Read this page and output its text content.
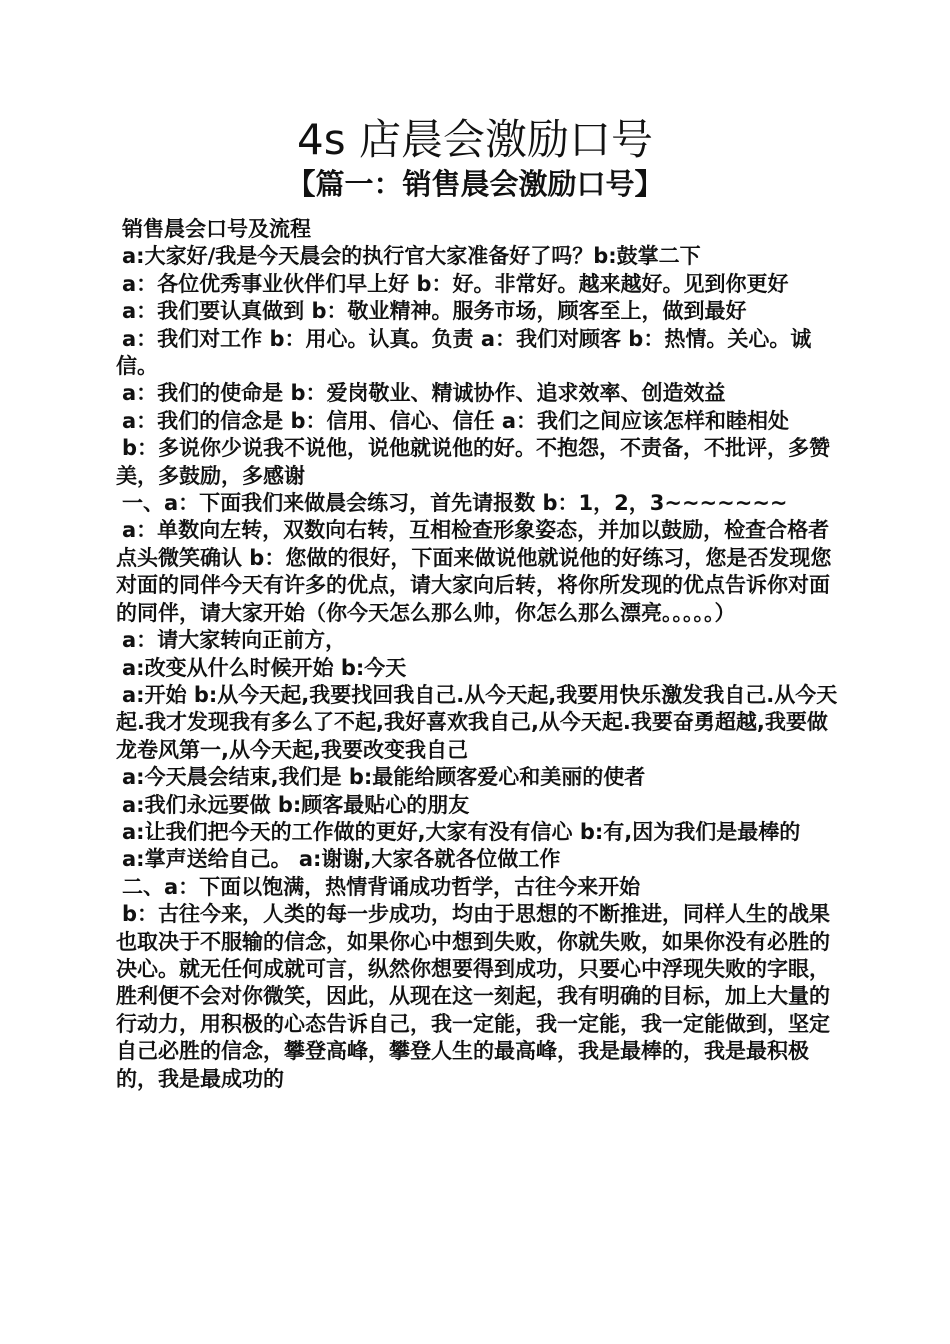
4s 店晨会激励口号
【篇一：销售晨会激励口号】

销售晨会口号及流程

a:大家好/我是今天晨会的执行官大家准备好了吗？b:鼓掌二下

a：各位优秀事业伙伴们早上好 b：好。非常好。越来越好。见到你更好

a：我们要认真做到 b：敬业精神。服务市场，顾客至上，做到最好

a：我们对工作 b：用心。认真。负责 a：我们对顾客 b：热情。关心。诚信。

a：我们的使命是 b：爱岗敬业、精诚协作、追求效率、创造效益

a：我们的信念是 b：信用、信心、信任 a：我们之间应该怎样和睦相处

b：多说你少说我不说他，说他就说他的好。不抱怨，不责备，不批评，多赞美，多鼓励，多感谢

一、a：下面我们来做晨会练习，首先请报数 b：1，2，3~~~~~~~

a：单数向左转，双数向右转，互相检查形象姿态，并加以鼓励，检查合格者点头微笑确认 b：您做的很好，下面来做说他就说他的好练习，您是否发现您对面的同伴今天有许多的优点，请大家向后转，将你所发现的优点告诉你对面的同伴，请大家开始（你今天怎么那么帅，你怎么那么漂亮。。。。。）

a：请大家转向正前方，

a:改变从什么时候开始 b:今天

a:开始 b:从今天起,我要找回我自己.从今天起,我要用快乐激发我自己.从今天起.我才发现我有多么了不起,我好喜欢我自己,从今天起.我要奋勇超越,我要做龙卷风第一,从今天起,我要改变我自己

a:今天晨会结束,我们是 b:最能给顾客爱心和美丽的使者

a:我们永远要做 b:顾客最贴心的朋友

a:让我们把今天的工作做的更好,大家有没有信心 b:有,因为我们是最棒的

a:掌声送给自己。 a:谢谢,大家各就各位做工作

二、a：下面以饱满，热情背诵成功哲学，古往今来开始

b：古往今来，人类的每一步成功，均由于思想的不断推进，同样人生的战果也取决于不服输的信念，如果你心中想到失败，你就失败，如果你没有必胜的决心。就无任何成就可言，纵然你想要得到成功，只要心中浮现失败的字眼，胜利便不会对你微笑，因此，从现在这一刻起，我有明确的目标，加上大量的行动力，用积极的心态告诉自己，我一定能，我一定能，我一定能做到，坚定自己必胜的信念，攀登高峰，攀登人生的最高峰，我是最棒的，我是最积极的，我是最成功的
